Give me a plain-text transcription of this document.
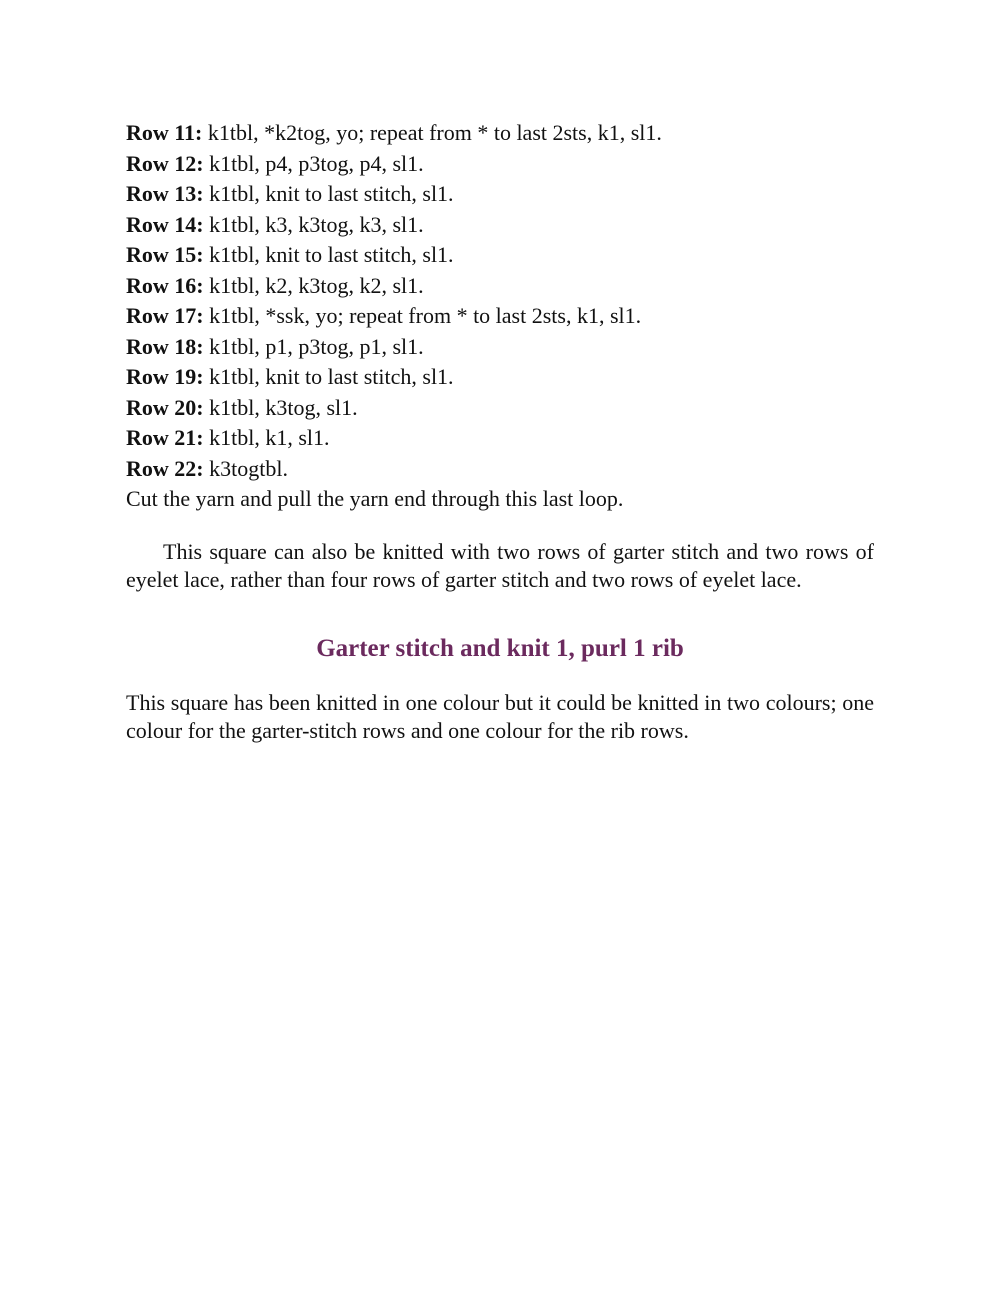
Row 11: k1tbl, *k2tog, yo; repeat from * to last 2sts, k1, sl1.
Row 12: k1tbl, p4, p3tog, p4, sl1.
Row 13: k1tbl, knit to last stitch, sl1.
Row 14: k1tbl, k3, k3tog, k3, sl1.
Row 15: k1tbl, knit to last stitch, sl1.
Row 16: k1tbl, k2, k3tog, k2, sl1.
Row 17: k1tbl, *ssk, yo; repeat from * to last 2sts, k1, sl1.
Row 18: k1tbl, p1, p3tog, p1, sl1.
Row 19: k1tbl, knit to last stitch, sl1.
Row 20: k1tbl, k3tog, sl1.
Row 21: k1tbl, k1, sl1.
Row 22: k3togtbl.

Cut the yarn and pull the yarn end through this last loop.

This square can also be knitted with two rows of garter stitch and two rows of eyelet lace, rather than four rows of garter stitch and two rows of eyelet lace.

Garter stitch and knit 1, purl 1 rib

This square has been knitted in one colour but it could be knitted in two colours; one colour for the garter-stitch rows and one colour for the rib rows.
